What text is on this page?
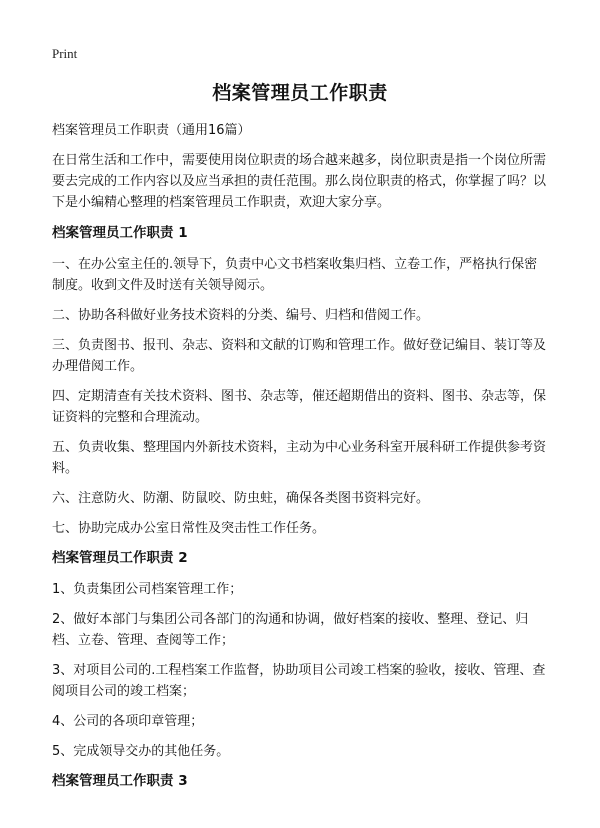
Print
档案管理员工作职责

档案管理员工作职责（通用16篇）

在日常生活和工作中，需要使用岗位职责的场合越来越多，岗位职责是指一个岗位所需要去完成的工作内容以及应当承担的责任范围。那么岗位职责的格式，你掌握了吗？以下是小编精心整理的档案管理员工作职责，欢迎大家分享。

档案管理员工作职责 1

一、在办公室主任的.领导下，负责中心文书档案收集归档、立卷工作，严格执行保密制度。收到文件及时送有关领导阅示。

二、协助各科做好业务技术资料的分类、编号、归档和借阅工作。

三、负责图书、报刊、杂志、资料和文献的订购和管理工作。做好登记编目、装订等及办理借阅工作。

四、定期清查有关技术资料、图书、杂志等，催还超期借出的资料、图书、杂志等，保证资料的完整和合理流动。

五、负责收集、整理国内外新技术资料，主动为中心业务科室开展科研工作提供参考资料。

六、注意防火、防潮、防鼠咬、防虫蛀，确保各类图书资料完好。

七、协助完成办公室日常性及突击性工作任务。

档案管理员工作职责 2

1、负责集团公司档案管理工作；

2、做好本部门与集团公司各部门的沟通和协调，做好档案的接收、整理、登记、归档、立卷、管理、查阅等工作；

3、对项目公司的.工程档案工作监督，协助项目公司竣工档案的验收，接收、管理、查阅项目公司的竣工档案；

4、公司的各项印章管理；

5、完成领导交办的其他任务。

档案管理员工作职责 3
